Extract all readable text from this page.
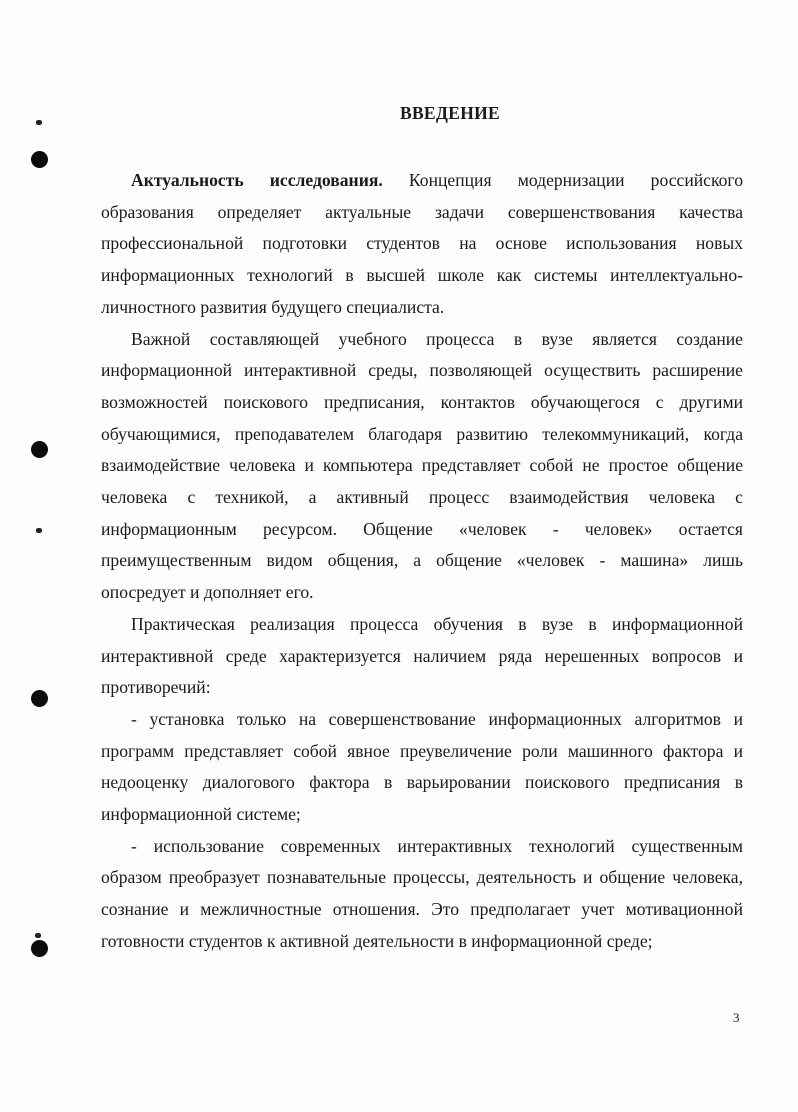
ВВЕДЕНИЕ

Актуальность исследования. Концепция модернизации российского образования определяет актуальные задачи совершенствования качества профессиональной подготовки студентов на основе использования новых информационных технологий в высшей школе как системы интеллектуально-личностного развития будущего специалиста.

Важной составляющей учебного процесса в вузе является создание информационной интерактивной среды, позволяющей осуществить расширение возможностей поискового предписания, контактов обучающегося с другими обучающимися, преподавателем благодаря развитию телекоммуникаций, когда взаимодействие человека и компьютера представляет собой не простое общение человека с техникой, а активный процесс взаимодействия человека с информационным ресурсом. Общение «человек - человек» остается преимущественным видом общения, а общение «человек - машина» лишь опосредует и дополняет его.

Практическая реализация процесса обучения в вузе в информационной интерактивной среде характеризуется наличием ряда нерешенных вопросов и противоречий:

- установка только на совершенствование информационных алгоритмов и программ представляет собой явное преувеличение роли машинного фактора и недооценку диалогового фактора в варьировании поискового предписания в информационной системе;

- использование современных интерактивных технологий существенным образом преобразует познавательные процессы, деятельность и общение человека, сознание и межличностные отношения. Это предполагает учет мотивационной готовности студентов к активной деятельности в информационной среде;

3
